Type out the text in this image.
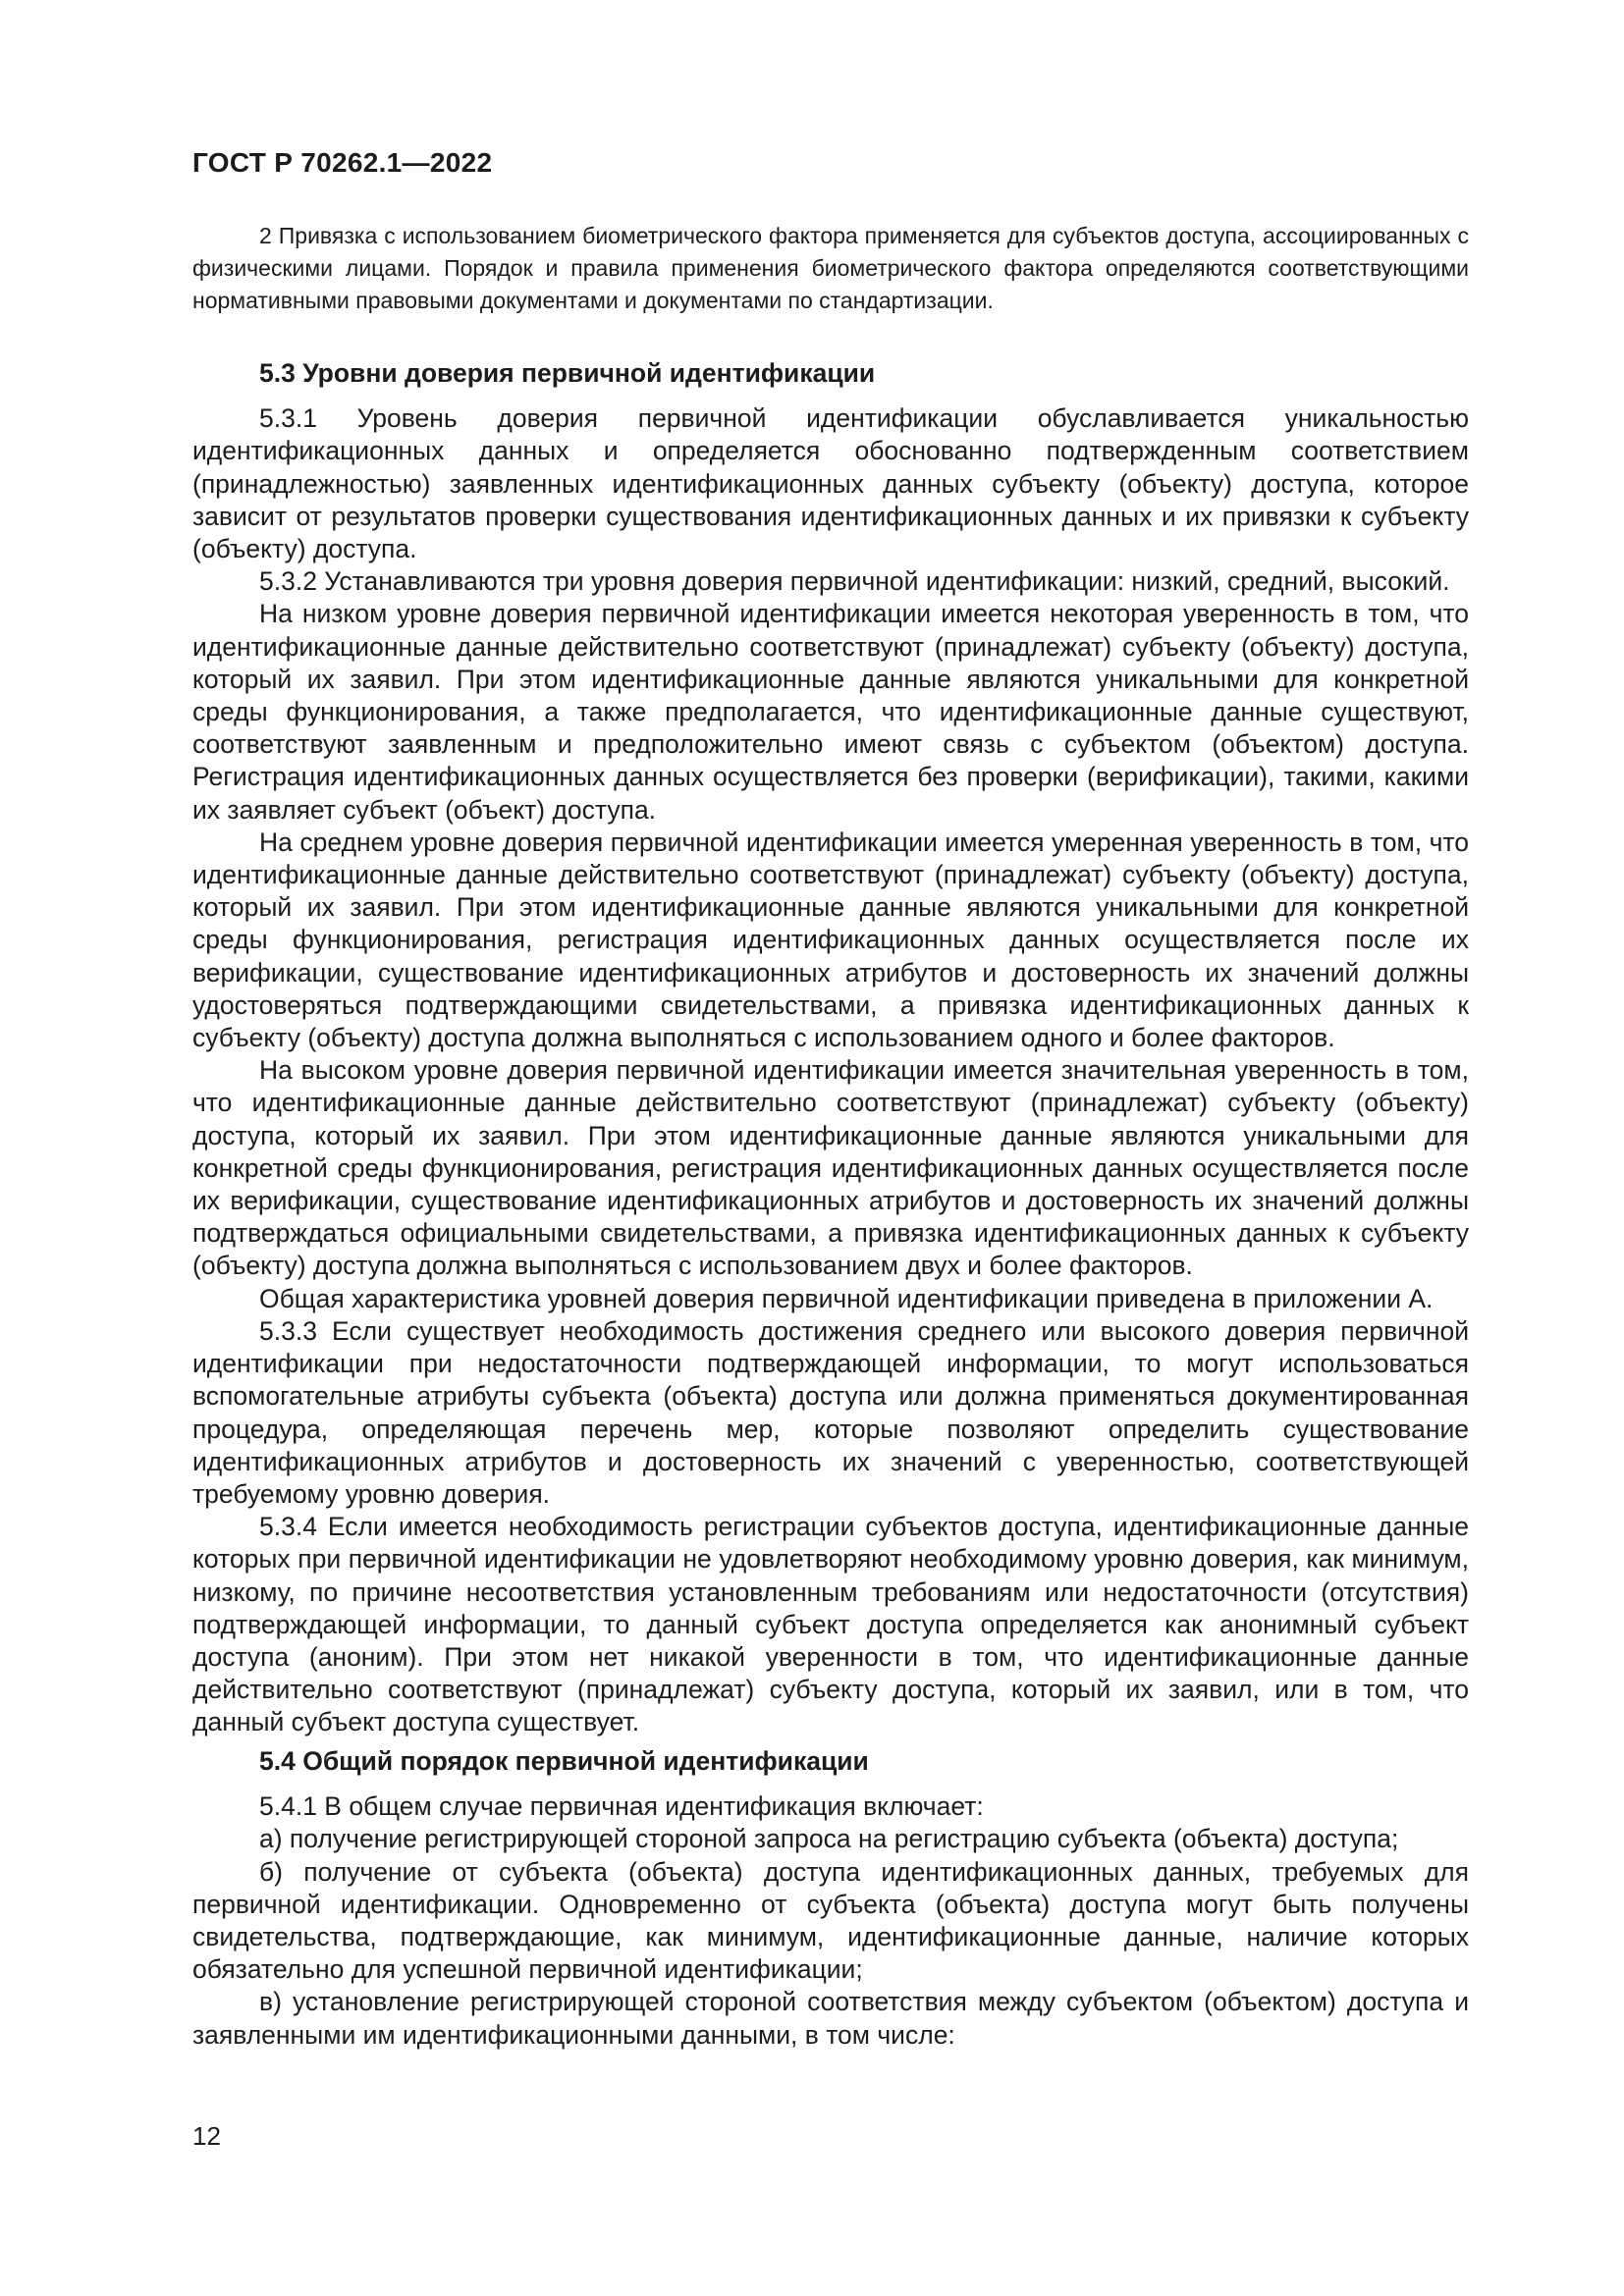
ГОСТ Р 70262.1—2022

2 Привязка с использованием биометрического фактора применяется для субъектов доступа, ассоциированных с физическими лицами. Порядок и правила применения биометрического фактора определяются соответствующими нормативными правовыми документами и документами по стандартизации.

5.3 Уровни доверия первичной идентификации

5.3.1 Уровень доверия первичной идентификации обуславливается уникальностью идентификационных данных и определяется обоснованно подтвержденным соответствием (принадлежностью) заявленных идентификационных данных субъекту (объекту) доступа, которое зависит от результатов проверки существования идентификационных данных и их привязки к субъекту (объекту) доступа.

5.3.2 Устанавливаются три уровня доверия первичной идентификации: низкий, средний, высокий.

На низком уровне доверия первичной идентификации имеется некоторая уверенность в том, что идентификационные данные действительно соответствуют (принадлежат) субъекту (объекту) доступа, который их заявил. При этом идентификационные данные являются уникальными для конкретной среды функционирования, а также предполагается, что идентификационные данные существуют, соответствуют заявленным и предположительно имеют связь с субъектом (объектом) доступа. Регистрация идентификационных данных осуществляется без проверки (верификации), такими, какими их заявляет субъект (объект) доступа.

На среднем уровне доверия первичной идентификации имеется умеренная уверенность в том, что идентификационные данные действительно соответствуют (принадлежат) субъекту (объекту) доступа, который их заявил. При этом идентификационные данные являются уникальными для конкретной среды функционирования, регистрация идентификационных данных осуществляется после их верификации, существование идентификационных атрибутов и достоверность их значений должны удостоверяться подтверждающими свидетельствами, а привязка идентификационных данных к субъекту (объекту) доступа должна выполняться с использованием одного и более факторов.

На высоком уровне доверия первичной идентификации имеется значительная уверенность в том, что идентификационные данные действительно соответствуют (принадлежат) субъекту (объекту) доступа, который их заявил. При этом идентификационные данные являются уникальными для конкретной среды функционирования, регистрация идентификационных данных осуществляется после их верификации, существование идентификационных атрибутов и достоверность их значений должны подтверждаться официальными свидетельствами, а привязка идентификационных данных к субъекту (объекту) доступа должна выполняться с использованием двух и более факторов.

Общая характеристика уровней доверия первичной идентификации приведена в приложении А.

5.3.3 Если существует необходимость достижения среднего или высокого доверия первичной идентификации при недостаточности подтверждающей информации, то могут использоваться вспомогательные атрибуты субъекта (объекта) доступа или должна применяться документированная процедура, определяющая перечень мер, которые позволяют определить существование идентификационных атрибутов и достоверность их значений с уверенностью, соответствующей требуемому уровню доверия.

5.3.4 Если имеется необходимость регистрации субъектов доступа, идентификационные данные которых при первичной идентификации не удовлетворяют необходимому уровню доверия, как минимум, низкому, по причине несоответствия установленным требованиям или недостаточности (отсутствия) подтверждающей информации, то данный субъект доступа определяется как анонимный субъект доступа (аноним). При этом нет никакой уверенности в том, что идентификационные данные действительно соответствуют (принадлежат) субъекту доступа, который их заявил, или в том, что данный субъект доступа существует.

5.4 Общий порядок первичной идентификации

5.4.1 В общем случае первичная идентификация включает:

а) получение регистрирующей стороной запроса на регистрацию субъекта (объекта) доступа;

б) получение от субъекта (объекта) доступа идентификационных данных, требуемых для первичной идентификации. Одновременно от субъекта (объекта) доступа могут быть получены свидетельства, подтверждающие, как минимум, идентификационные данные, наличие которых обязательно для успешной первичной идентификации;

в) установление регистрирующей стороной соответствия между субъектом (объектом) доступа и заявленными им идентификационными данными, в том числе:

12
